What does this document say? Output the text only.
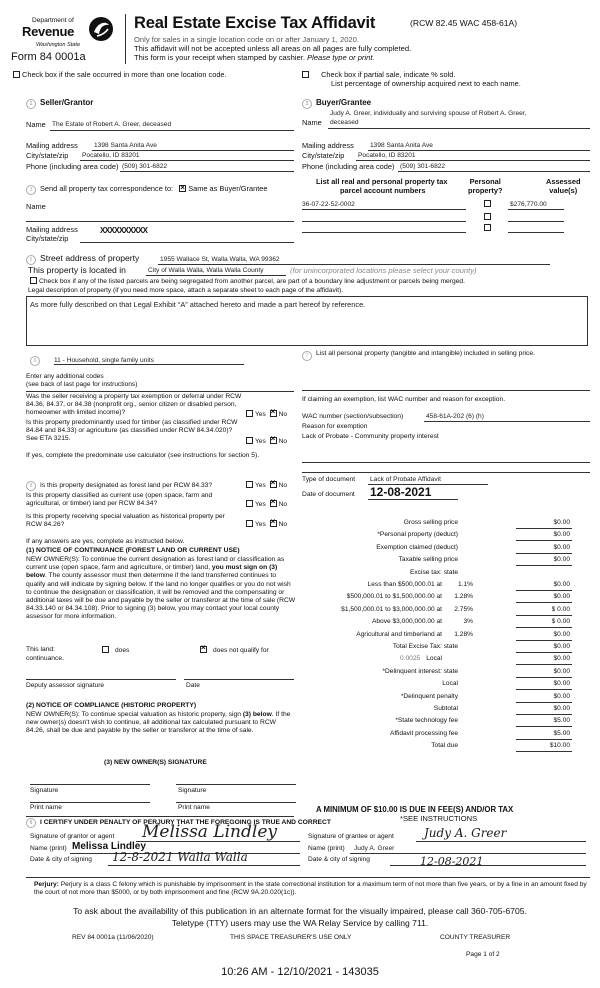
Department of
Revenue
Washington State
Form 84 0001a
Real Estate Excise Tax Affidavit	(RCW 82.45 WAC 458-61A)
Only for sales in a single location code on or after January 1, 2020.
This affidavit will not be accepted unless all areas on all pages are fully completed.
This form is your receipt when stamped by cashier. Please type or print.
Check box if the sale occurred in more than one location code.	Check box if partial sale, indicate % sold.
List percentage of ownership acquired next to each name.
1 Seller/Grantor
Name The Estate of Robert A. Greer, deceased
Mailing address 1398 Santa Anita Ave
City/state/zip Pocatello, ID 83201
Phone (including area code) (509) 301-6822
2 Buyer/Grantee
Judy A. Greer, individually and surviving spouse of Robert A. Greer,
Name deceased
Mailing address 1398 Santa Anita Ave
City/state/zip Pocatello, ID 83201
Phone (including area code) (509) 301-6822
3 Send all property tax correspondence to: × Same as Buyer/Grantee
Name
Mailing address	XXXXXXXXXX
City/state/zip
List all real and personal property tax
parcel account numbers
Personal
property?
Assessed
value(s)
36-07-22-52-0002	$276,770.00
5 Street address of property	1955 Wallace St, Walla Walla, WA 99362
This property is located in	City of Walla Walla, Walla Walla County	(for unincorporated locations please select your county)
Check box if any of the listed parcels are being segregated from another parcel, are part of a boundary line adjustment or parcels being merged.
Legal description of property (if you need more space, attach a separate sheet to each page of the affidavit).
As more fully described on that Legal Exhibit “A” attached hereto and made a part hereof by reference.
6	11 - Household, single family units
Enter any additional codes
(see back of last page for instructions)
Was the seller receiving a property tax exemption or deferral under RCW 84.36, 84.37, or 84.38 (nonprofit org., senior citizen or disabled person, homeowner with limited income)?	Yes × No
Is this property predominantly used for timber (as classified under RCW 84.84 and 84.33) or agriculture (as classified under RCW 84.34.020)? See ETA 3215.	Yes × No
If yes, complete the predominate use calculator (see instructions for section 5).
7	List all personal property (tangible and intangible) included in selling price.
If claiming an exemption, list WAC number and reason for exception.
WAC number (section/subsection)	458-61A-202 (6) (h)
Reason for exemption
Lack of Probate - Community property interest
8 Is this property designated as forest land per RCW 84.33?	Yes × No
Is this property classified as current use (open space, farm and agricultural, or timber) land per RCW 84.34?	Yes × No
Is this property receiving special valuation as historical property per RCW 84.26?	Yes × No
If any answers are yes, complete as instructed below.
(1) NOTICE OF CONTINUANCE (FOREST LAND OR CURRENT USE)
NEW OWNER(S): To continue the current designation as forest land or classification as current use (open space, farm and agriculture, or timber) land, you must sign on (3) below. The county assessor must then determine if the land transferred continues to qualify and will indicate by signing below. If the land no longer qualifies or you do not wish to continue the designation or classification, it will be removed and the compensating or additional taxes will be due and payable by the seller or transferor at the time of sale (RCW 84.33.140 or 84.34.108). Prior to signing (3) below, you may contact your local county assessor for more information.
This land:
continuance.
does ×	does not qualify for
Deputy assessor signature	Date
(2) NOTICE OF COMPLIANCE (HISTORIC PROPERTY)
NEW OWNER(S): To continue special valuation as historic property, sign (3) below. If the new owner(s) doesn't wish to continue, all additional tax calculated pursuant to RCW 84.26, shall be due and payable by the seller or transferor at the time of sale.
(3) NEW OWNER(S) SIGNATURE
Signature	Signature
Print name	Print name
Type of document Lack of Probate Affidavit
Date of document 12-08-2021
Gross selling price	$0.00
*Personal property (deduct)	$0.00
Exemption claimed (deduct)	$0.00
Taxable selling price	$0.00
Excise tax: state
Less than $500,000.01 at	1.1%	$0.00
$500,000.01 to $1,500,000.00 at	1.28%	$0.00
$1,500,000.01 to $3,000,000.00 at	2.75%	$ 0.00
Above $3,000,000.00 at	3%	$ 0.00
Agricultural and timberland at	1.28%	$0.00
Total Excise Tax: state	$0.00
Local
0.0025	$0.00
*Delinquent interest: state	$0.00
Local	$0.00
*Delinquent penalty	$0.00
Subtotal	$0.00
*State technology fee	$5.00
Affidavit processing fee	$5.00
Total due	$10.00
A MINIMUM OF $10.00 IS DUE IN FEE(S) AND/OR TAX
*SEE INSTRUCTIONS
9 I CERTIFY UNDER PENALTY OF PERJURY THAT THE FOREGOING IS TRUE AND CORRECT
Signature of grantor or agent Melissa Lindley
Name (print) Melissa Lindley
Date & city of signing 12-8-2021 Walla Walla
Signature of grantee or agent	Judy A. Greer
Name (print) Judy A. Greer
Date & city of signing	12-08-2021
Perjury: Perjury is a class C felony which is punishable by imprisonment in the state correctional institution for a maximum term of not more than five years, or by a fine in an amount fixed by the court of not more than $5000, or by both imprisonment and fine (RCW 9A.20.020(1c)).
To ask about the availability of this publication in an alternate format for the visually impaired, please call 360-705-6705.
Teletype (TTY) users may use the WA Relay Service by calling 711.
REV 84 0001a (11/06/2020)	THIS SPACE TREASURER'S USE ONLY	COUNTY TREASURER
Page 1 of 2
10:26 AM - 12/10/2021 - 143035
